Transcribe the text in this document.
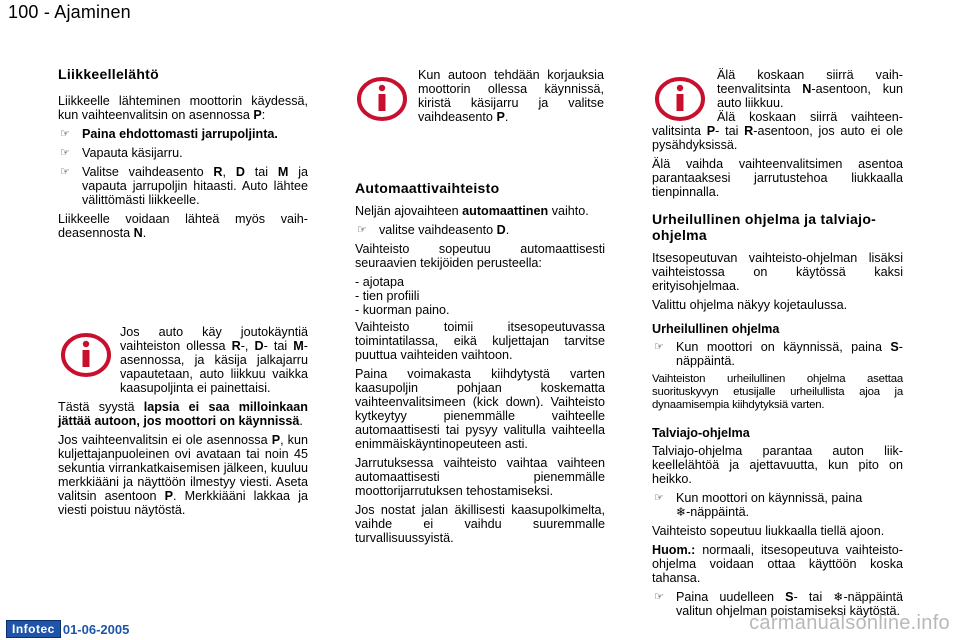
100 - Ajaminen
Liikkeellelähtö

Liikkeelle lähteminen moottorin käydessä, kun vaihteenvalitsin on asennossa P:

☞ Paina ehdottomasti jarrupoljinta.
☞ Vapauta käsijarru.
☞ Valitse vaihdeasento R, D tai M ja vapauta jarrupoljin hitaasti. Auto lähtee välittömästi liikkeelle.

Liikkeelle voidaan lähteä myös vaihdeasennosta N.

Jos auto käy joutokäyntiä vaihteiston ollessa R-, D- tai M-asennossa, ja käsija jalkajarru vapautetaan, auto liikkuu vaikka kaasupoljinta ei painettaisi.

Tästä syystä lapsia ei saa milloinkaan jättää autoon, jos moottori on käynnissä.

Jos vaihteenvalitsin ei ole asennossa P, kun kuljettajanpuoleinen ovi avataan tai noin 45 sekuntia virrankatkaisemisen jälkeen, kuuluu merkkiääni ja näyttöön ilmestyy viesti. Aseta valitsin asentoon P. Merkkiääni lakkaa ja viesti poistuu näytöstä.

Kun autoon tehdään korjauksia moottorin ollessa käynnissä, kiristä käsijarru ja valitse vaihdeasento P.

Automaattivaihteisto

Neljän ajovaihteen automaattinen vaihto.

☞ valitse vaihdeasento D.

Vaihteisto sopeutuu automaattisesti seuraavien tekijöiden perusteella:

- ajotapa
- tien profiili
- kuorman paino.

Vaihteisto toimii itsesopeutuvassa toimintatilassa, eikä kuljettajan tarvitse puuttua vaihteiden vaihtoon.

Paina voimakasta kiihdytystä varten kaasupoljin pohjaan koskematta vaihteenvalitsimeen (kick down). Vaihteisto kytkeytyy pienemmälle vaihteelle automaattisesti tai pysyy valitulla vaihteella enimmäiskäyntinopeuteen asti.

Jarrutuksessa vaihteisto vaihtaa vaihteen automaattisesti pienemmälle moottorijarrutuksen tehostamiseksi.

Jos nostat jalan äkillisesti kaasupolkimelta, vaihde ei vaihdu suuremmalle turvallisuussyistä.

Älä koskaan siirrä vaihteenvalitsinta N-asentoon, kun auto liikkuu.

Älä koskaan siirrä vaihteenvalitsinta P- tai R-asentoon, jos auto ei ole pysähdyksissä.

Älä vaihda vaihteenvalitsimen asentoa parantaaksesi jarrutustehoa liukkaalla tienpinnalla.

Urheilullinen ohjelma ja talviajo-ohjelma

Itsesopeutuvan vaihteisto-ohjelman lisäksi vaihteistossa on käytössä kaksi erityisohjelmaa.

Valittu ohjelma näkyy kojetaulussa.

Urheilullinen ohjelma
☞ Kun moottori on käynnissä, paina S-näppäintä.

Vaihteiston urheilullinen ohjelma asettaa suorituskyvyn etusijalle urheilullista ajoa ja dynaamisempia kiihdytyksiä varten.

Talviajo-ohjelma

Talviajo-ohjelma parantaa auton liikkeellelähtöä ja ajettavuutta, kun pito on heikko.

☞ Kun moottori on käynnissä, paina
❄-näppäintä.

Vaihteisto sopeutuu liukkaalla tiellä ajoon.

Huom.: normaali, itsesopeutuva vaihteisto-ohjelma voidaan ottaa käyttöön koska tahansa.

☞ Paina uudelleen S- tai ❄-näppäintä valitun ohjelman poistamiseksi käytöstä.
Infotec 01-06-2005	carmanualsonline.info
